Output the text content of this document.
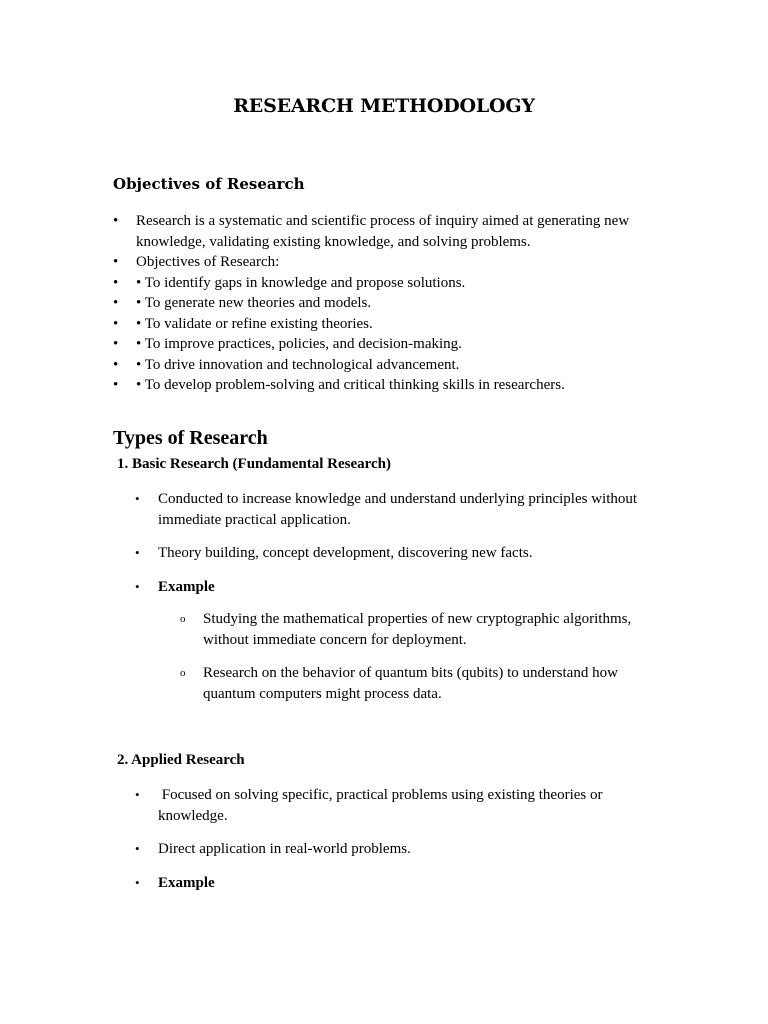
RESEARCH METHODOLOGY
Objectives of Research
• Research is a systematic and scientific process of inquiry aimed at generating new knowledge, validating existing knowledge, and solving problems.
• Objectives of Research:
• • To identify gaps in knowledge and propose solutions.
• • To generate new theories and models.
• • To validate or refine existing theories.
• • To improve practices, policies, and decision-making.
• • To drive innovation and technological advancement.
• • To develop problem-solving and critical thinking skills in researchers.
Types of Research
1. Basic Research (Fundamental Research)
• Conducted to increase knowledge and understand underlying principles without immediate practical application.
• Theory building, concept development, discovering new facts.
• Example
o Studying the mathematical properties of new cryptographic algorithms, without immediate concern for deployment.
o Research on the behavior of quantum bits (qubits) to understand how quantum computers might process data.
2. Applied Research
• Focused on solving specific, practical problems using existing theories or knowledge.
• Direct application in real-world problems.
• Example
